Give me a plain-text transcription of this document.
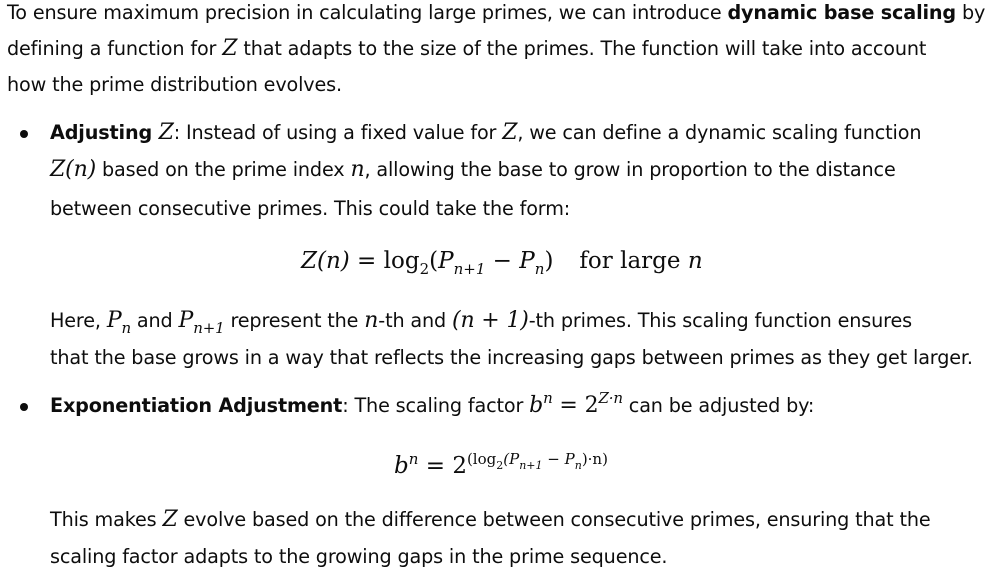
To ensure maximum precision in calculating large primes, we can introduce dynamic base scaling by
defining a function for Z that adapts to the size of the primes. The function will take into account
how the prime distribution evolves.
Adjusting Z: Instead of using a fixed value for Z, we can define a dynamic scaling function
Z(n) based on the prime index n, allowing the base to grow in proportion to the distance
between consecutive primes. This could take the form:
$Z(n) = \log_2(P_{n+1} - P_n)$ for large n
Here, $P_n$ and $P_{n+1}$ represent the n-th and (n + 1)-th primes. This scaling function ensures
that the base grows in a way that reflects the increasing gaps between primes as they get larger.
Exponentiation Adjustment: The scaling factor $b^n = 2^{Z\cdot n}$ can be adjusted by:
$b^n = 2^{(log_2(P_{n+1} - P_n)\cdot n)}$
This makes Z evolve based on the difference between consecutive primes, ensuring that the
scaling factor adapts to the growing gaps in the prime sequence.
